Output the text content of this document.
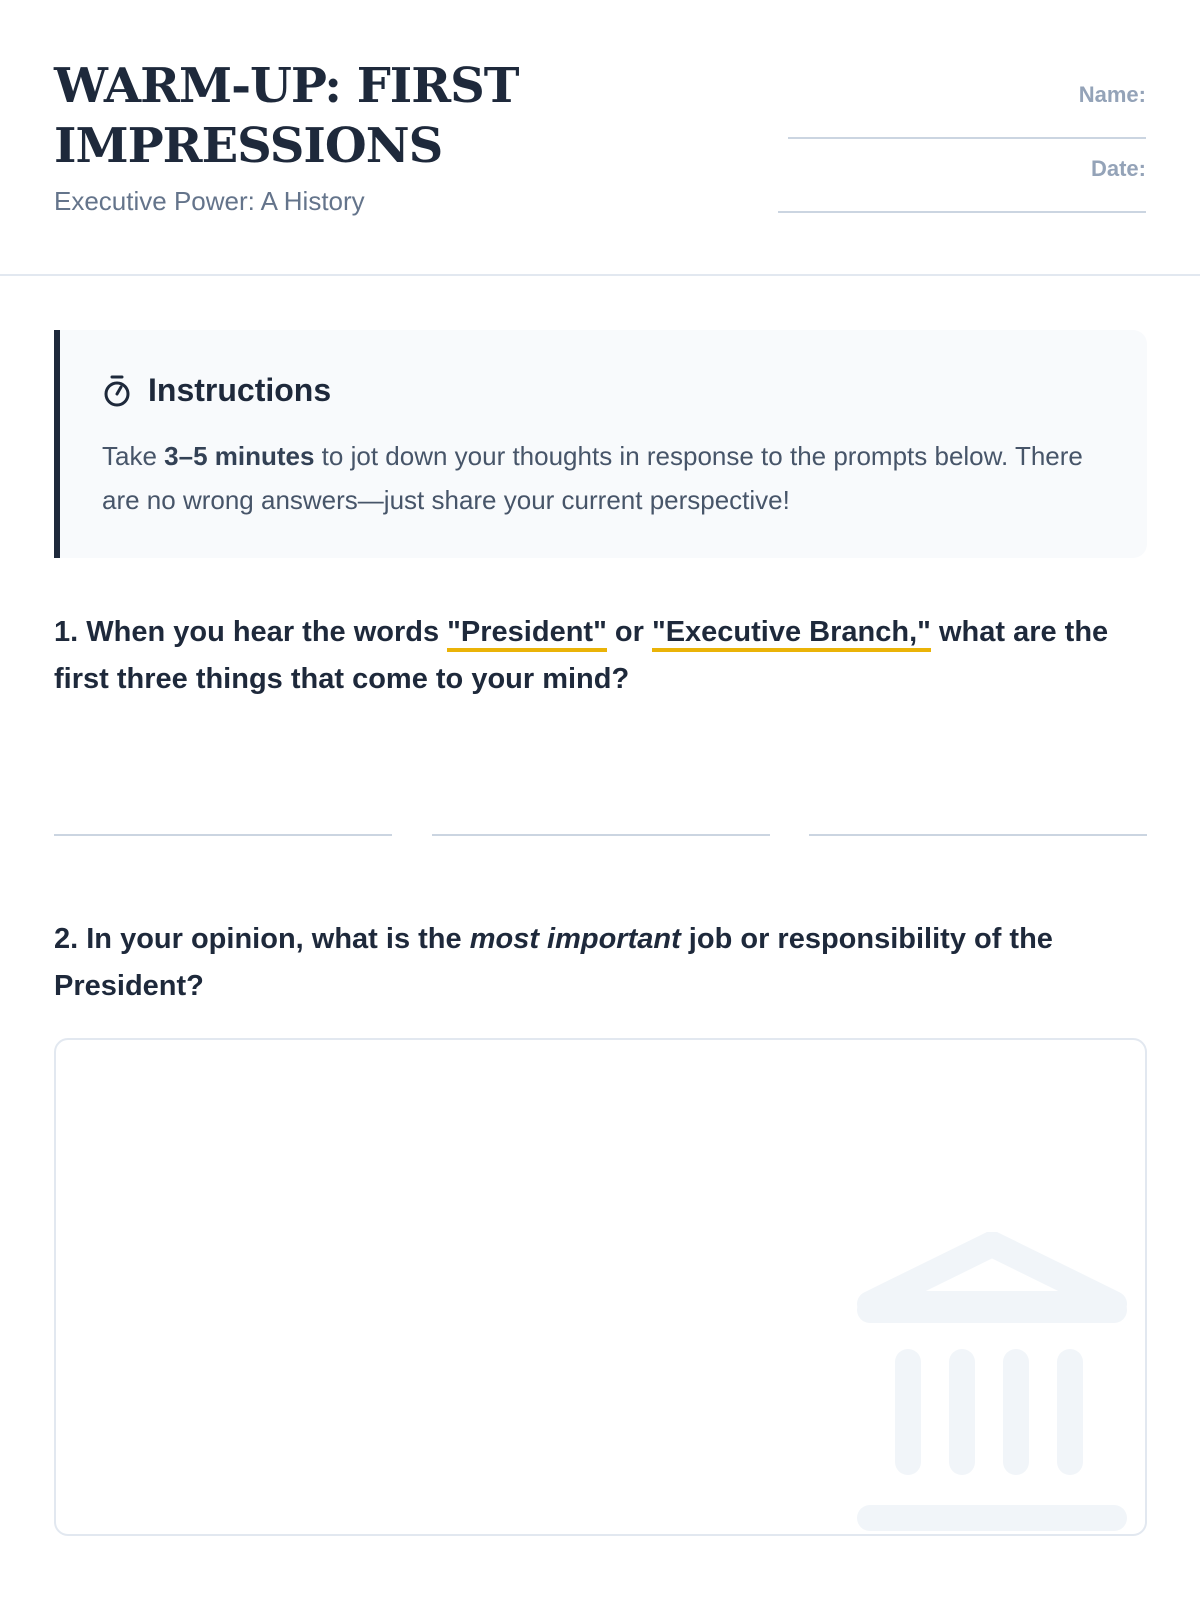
WARM-UP: FIRST IMPRESSIONS
Executive Power: A History
Name:
Date:
Instructions
Take 3–5 minutes to jot down your thoughts in response to the prompts below. There are no wrong answers—just share your current perspective!
1. When you hear the words "President" or "Executive Branch," what are the first three things that come to your mind?
2. In your opinion, what is the most important job or responsibility of the President?
